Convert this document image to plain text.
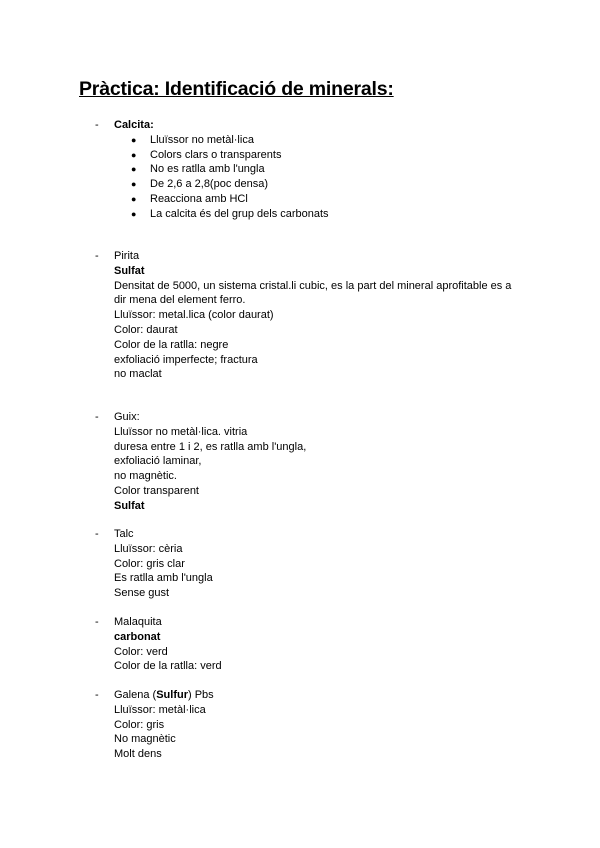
Pràctica: Identificació de minerals:
- Calcita:
● Lluïssor no metàl·lica
● Colors clars o transparents
● No es ratlla amb l'ungla
● De 2,6 a 2,8(poc densa)
● Reacciona amb HCl
● La calcita és del grup dels carbonats
- Pirita
Sulfat
Densitat de 5000, un sistema cristal.li cubic, es la part del mineral aprofitable es a
dir mena del element ferro.
Lluïssor: metal.lica (color daurat)
Color: daurat
Color de la ratlla: negre
exfoliació imperfecte; fractura
no maclat
- Guix:
Lluïssor no metàl·lica. vitria
duresa entre 1 i 2, es ratlla amb l'ungla,
exfoliació laminar,
no magnètic.
Color transparent
Sulfat
- Talc
Lluïssor: cèria
Color: gris clar
Es ratlla amb l'ungla
Sense gust
- Malaquita
carbonat
Color: verd
Color de la ratlla: verd
- Galena (Sulfur) Pbs
Lluïssor: metàl·lica
Color: gris
No magnètic
Molt dens
